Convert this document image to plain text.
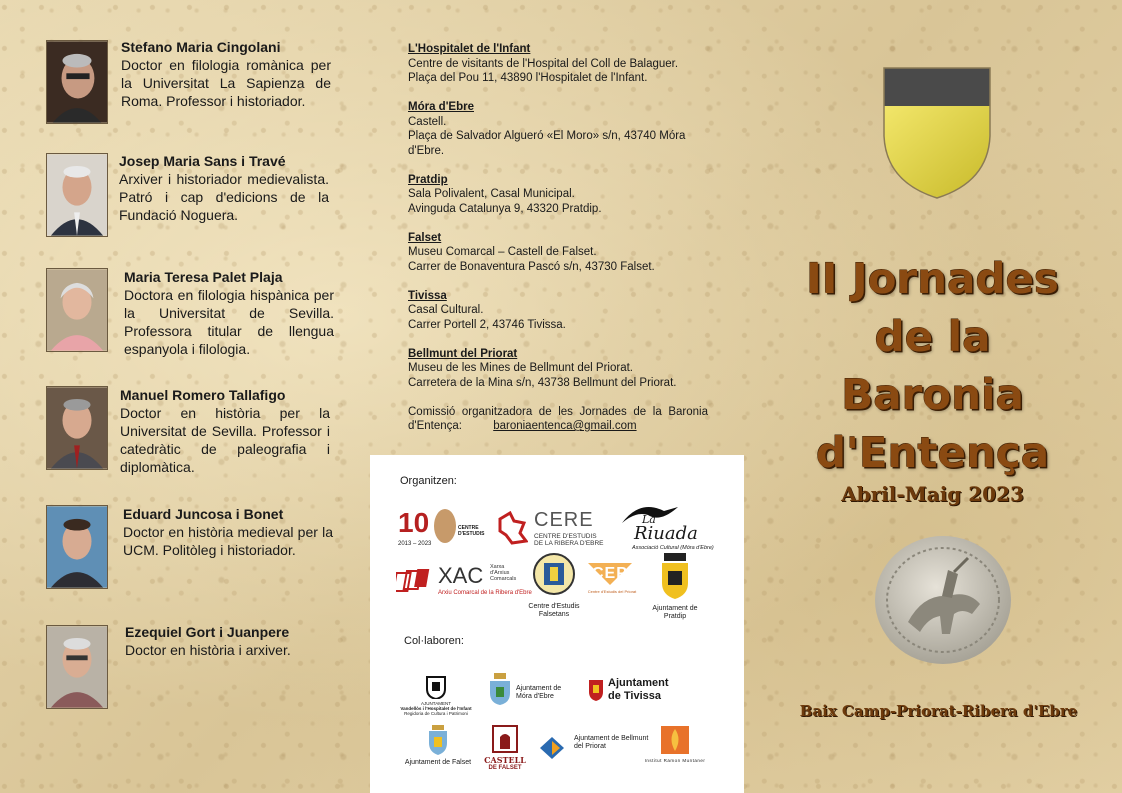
Stefano Maria Cingolani
Doctor en filologia romànica per la Universitat La Sapienza de Roma. Professor i historiador.
Josep Maria Sans i Travé
Arxiver i historiador medievalista. Patró i cap d'edicions de la Fundació Noguera.
Maria Teresa Palet Plaja
Doctora en filologia hispànica per la Universitat de Sevilla. Professora titular de llengua espanyola i filologia.
Manuel Romero Tallafigo
Doctor en història per la Universitat de Sevilla. Professor i catedràtic de paleografia i diplomàtica.
Eduard Juncosa i Bonet
Doctor en història medieval per la UCM. Politòleg i historiador.
Ezequiel Gort i Juanpere
Doctor en història i arxiver.
L'Hospitalet de l'Infant
Centre de visitants de l'Hospital del Coll de Balaguer.
Plaça del Pou 11, 43890 l'Hospitalet de l'Infant.
Móra d'Ebre
Castell.
Plaça de Salvador Algueró «El Moro» s/n, 43740 Móra d'Ebre.
Pratdip
Sala Polivalent, Casal Municipal.
Avinguda Catalunya 9, 43320 Pratdip.
Falset
Museu Comarcal – Castell de Falset.
Carrer de Bonaventura Pascó s/n, 43730 Falset.
Tivissa
Casal Cultural.
Carrer Portell 2, 43746 Tivissa.
Bellmunt del Priorat
Museu de les Mines de Bellmunt del Priorat.
Carretera de la Mina s/n, 43738 Bellmunt del Priorat.
Comissió organitzadora de les Jornades de la Baronia d'Entença:	baroniaentenca@gmail.com
Organitzen:
10
2013 – 2023
CENTRE D'ESTUDIS
CERE
CENTRE D'ESTUDIS
DE LA RIBERA D'EBRE
La
Riuada
Associació Cultural (Móra d'Ebre)
XAC Xarxa
d'Arxius
Comarcals
Arxiu Comarcal de la Ribera d'Ebre
Centre d'Estudis Falsetans
CEP
Centre d'Estudis del Priorat
Ajuntament de Pratdip
Col·laboren:
AJUNTAMENT
Vandellòs i l'Hospitalet de l'Infant
Regidoria de Cultura i Patrimoni
Ajuntament de Móra d'Ebre
Ajuntament
de Tivissa
Ajuntament de Falset	CASTELL
DE FALSET
Ajuntament de Bellmunt del Priorat
Institut Ramon Muntaner
II Jornades
de la
Baronia
d'Entença
Abril-Maig 2023
Baix Camp-Priorat-Ribera d'Ebre
